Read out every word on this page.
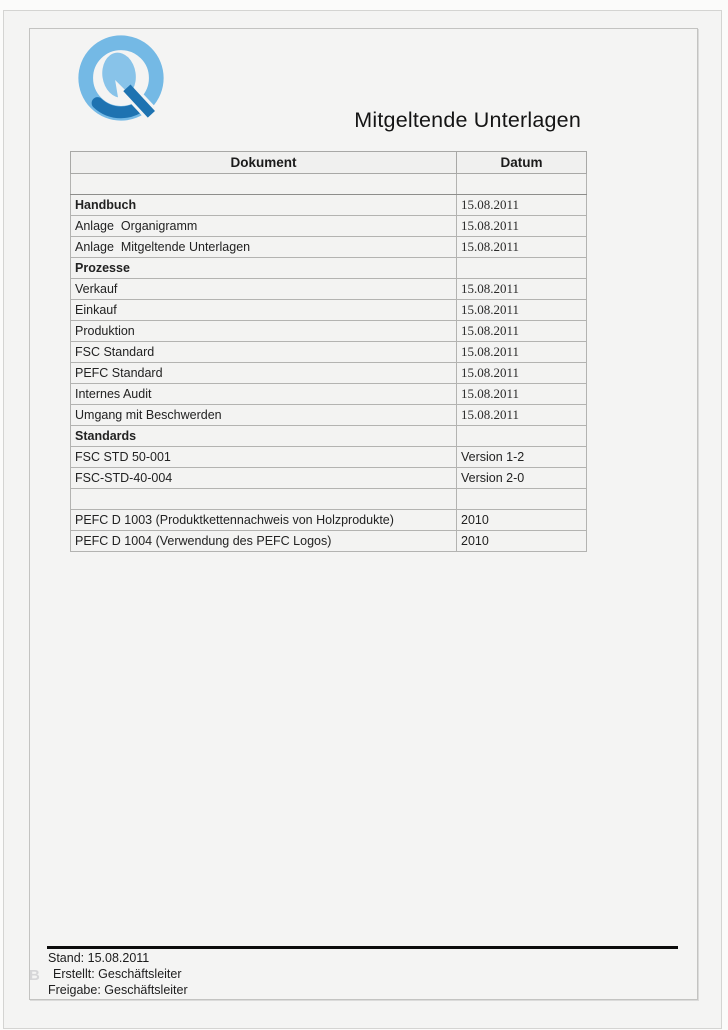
Mitgeltende Unterlagen
Dokument	Datum

Handbuch	15.08.2011
Anlage  Organigramm	15.08.2011
Anlage  Mitgeltende Unterlagen	15.08.2011
Prozesse	
Verkauf	15.08.2011
Einkauf	15.08.2011
Produktion	15.08.2011
FSC Standard	15.08.2011
PEFC Standard	15.08.2011
Internes Audit	15.08.2011
Umgang mit Beschwerden	15.08.2011
Standards	
FSC STD 50-001	Version 1-2
FSC-STD-40-004	Version 2-0

PEFC D 1003 (Produktkettennachweis von Holzprodukte)	2010
PEFC D 1004 (Verwendung des PEFC Logos)	2010
B
Stand: 15.08.2011
Erstellt: Geschäftsleiter
Freigabe: Geschäftsleiter
